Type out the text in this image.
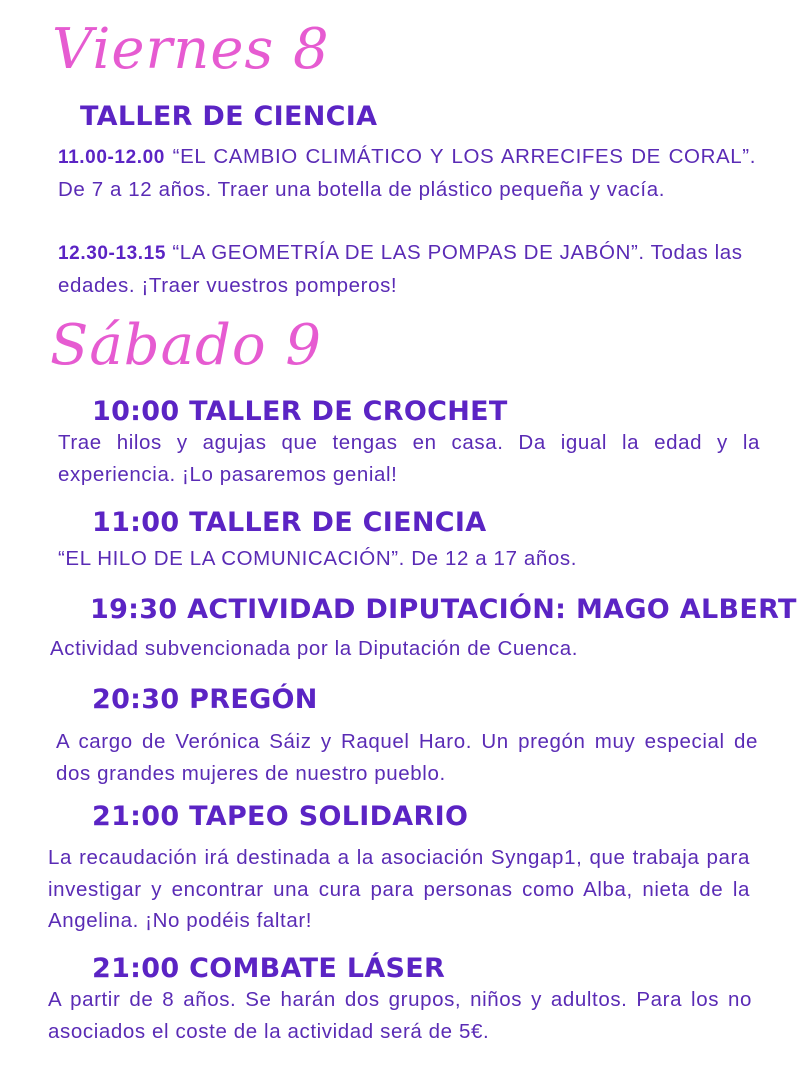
Viernes 8
TALLER DE CIENCIA

11.00-12.00 “EL CAMBIO CLIMÁTICO Y LOS ARRECIFES DE CORAL”. De 7 a 12 años. Traer una botella de plástico pequeña y vacía.

12.30-13.15 “LA GEOMETRÍA DE LAS POMPAS DE JABÓN”. Todas las edades. ¡Traer vuestros pomperos!

Sábado 9
10:00 TALLER DE CROCHET

Trae hilos y agujas que tengas en casa. Da igual la edad y la experiencia. ¡Lo pasaremos genial!

11:00 TALLER DE CIENCIA

“EL HILO DE LA COMUNICACIÓN”. De 12 a 17 años.

19:30 ACTIVIDAD DIPUTACIÓN: MAGO ALBERT

Actividad subvencionada por la Diputación de Cuenca.

20:30 PREGÓN

A cargo de Verónica Sáiz y Raquel Haro. Un pregón muy especial de dos grandes mujeres de nuestro pueblo.

21:00 TAPEO SOLIDARIO

La recaudación irá destinada a la asociación Syngap1, que trabaja para investigar y encontrar una cura para personas como Alba, nieta de la Angelina. ¡No podéis faltar!

21:00 COMBATE LÁSER

A partir de 8 años. Se harán dos grupos, niños y adultos. Para los no asociados el coste de la actividad será de 5€.
